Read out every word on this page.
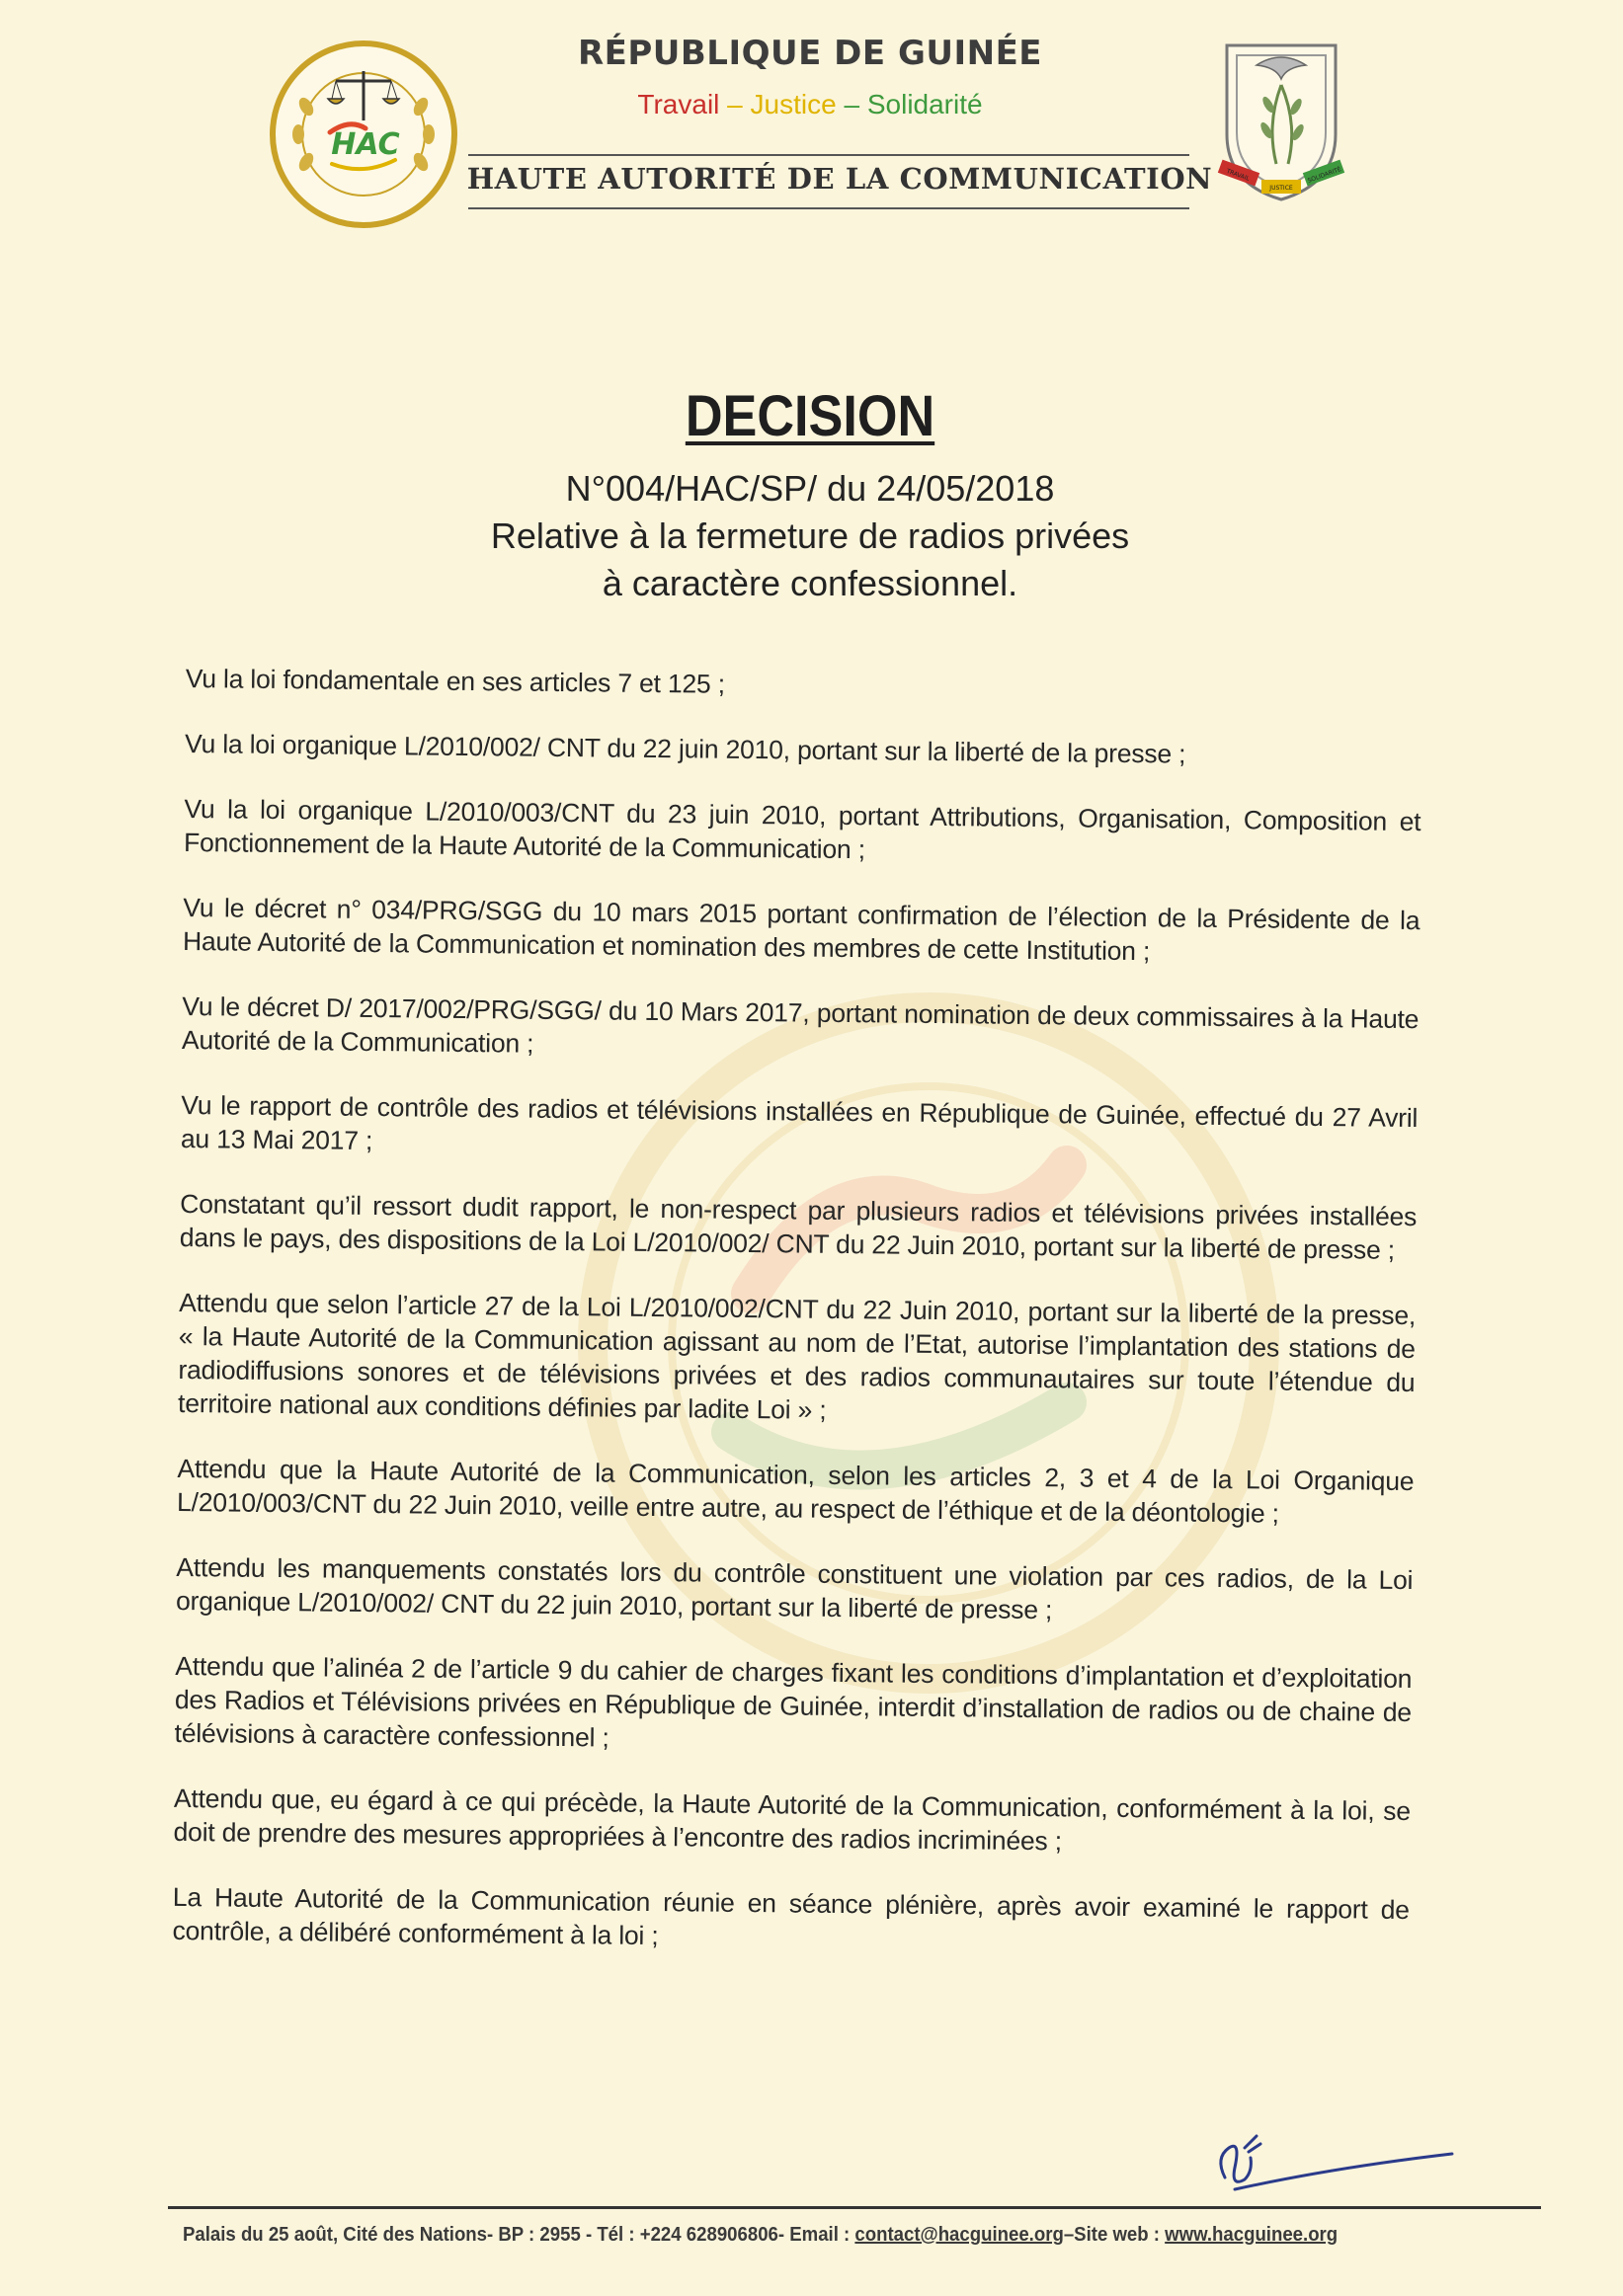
HAC
RÉPUBLIQUE DE GUINÉE
Travail – Justice – Solidarité
HAUTE AUTORITÉ DE LA COMMUNICATION	TRAVAIL
JUSTICE
SOLIDARITÉ
DECISION
N°004/HAC/SP/ du 24/05/2018
Relative à la fermeture de radios privées
à caractère confessionnel.

Vu la loi fondamentale en ses articles 7 et 125 ;

Vu la loi organique L/2010/002/ CNT du 22 juin 2010, portant sur la liberté de la presse ;

Vu la loi organique L/2010/003/CNT du 23 juin 2010, portant Attributions, Organisation, Composition et Fonctionnement de la Haute Autorité de la Communication ;

Vu le décret n° 034/PRG/SGG du 10 mars 2015 portant confirmation de l’élection de la Présidente de la Haute Autorité de la Communication et nomination des membres de cette Institution ;

Vu le décret D/ 2017/002/PRG/SGG/ du 10 Mars 2017, portant nomination de deux commissaires à la Haute Autorité de la Communication ;

Vu le rapport de contrôle des radios et télévisions installées en République de Guinée, effectué du 27 Avril au 13 Mai 2017 ;

Constatant qu’il ressort dudit rapport, le non-respect par plusieurs radios et télévisions privées installées dans le pays, des dispositions de la Loi L/2010/002/ CNT du 22 Juin 2010, portant sur la liberté de presse ;

Attendu que selon l’article 27 de la Loi L/2010/002/CNT du 22 Juin 2010, portant sur la liberté de la presse, « la Haute Autorité de la Communication agissant au nom de l’Etat, autorise l’implantation des stations de radiodiffusions sonores et de télévisions privées et des radios communautaires sur toute l’étendue du territoire national aux conditions définies par ladite Loi » ;

Attendu que la Haute Autorité de la Communication, selon les articles 2, 3 et 4 de la Loi Organique L/2010/003/CNT du 22 Juin 2010, veille entre autre, au respect de l’éthique et de la déontologie ;

Attendu les manquements constatés lors du contrôle constituent une violation par ces radios, de la Loi organique L/2010/002/ CNT du 22 juin 2010, portant sur la liberté de presse ;

Attendu que l’alinéa 2 de l’article 9 du cahier de charges fixant les conditions d’implantation et d’exploitation des Radios et Télévisions privées en République de Guinée, interdit d’installation de radios ou de chaine de télévisions à caractère confessionnel ;

Attendu que, eu égard à ce qui précède, la Haute Autorité de la Communication, conformément à la loi, se doit de prendre des mesures appropriées à l’encontre des radios incriminées ;

La Haute Autorité de la Communication réunie en séance plénière, après avoir examiné le rapport de contrôle, a délibéré conformément à la loi ;

Palais du 25 août, Cité des Nations- BP : 2955 - Tél : +224 628906806- Email : contact@hacguinee.org–Site web : www.hacguinee.org
